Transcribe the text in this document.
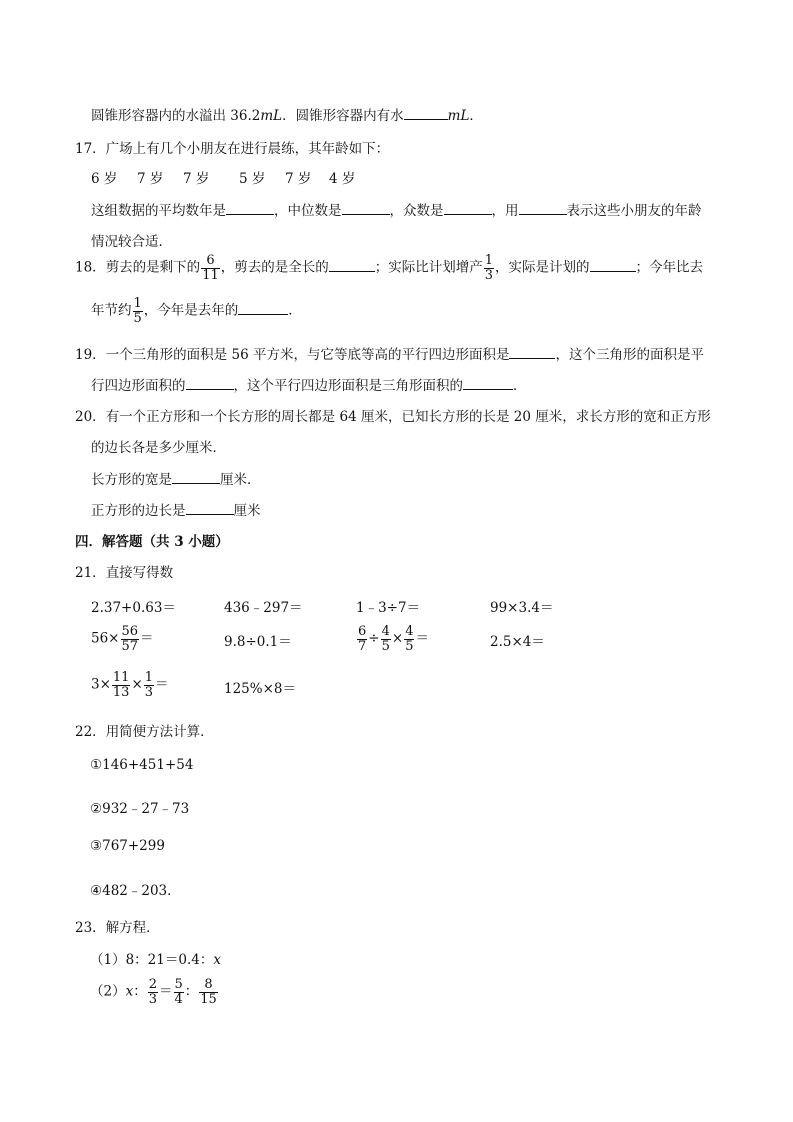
圆锥形容器内的水溢出 36.2mL．圆锥形容器内有水	mL．
17．广场上有几个小朋友在进行晨练，其年龄如下：
6 岁 7 岁 7 岁 5 岁 7 岁 4 岁
这组数据的平均数年是	，中位数是	，众数是	，用	表示这些小朋友的年龄
情况较合适．
18．剪去的是剩下的 $\frac{6}{11}$ ，剪去的是全长的	；实际比计划增产 $\frac{1}{3}$ ，实际是计划的	；今年比去
年节约 $\frac{1}{5}$ ，今年是去年的	．
19．一个三角形的面积是 56 平方米，与它等底等高的平行四边形面积是	，这个三角形的面积是平
行四边形面积的	，这个平行四边形面积是三角形面积的	．
20．有一个正方形和一个长方形的周长都是 64 厘米，已知长方形的长是 20 厘米，求长方形的宽和正方形
的边长各是多少厘米．
长方形的宽是	厘米．
正方形的边长是	厘米
四．解答题（共 3 小题）
21．直接写得数
2.37+0.63＝	436﹣297＝	1﹣3÷7＝	99×3.4＝
$56\times \frac{56}{57}$ ＝	9.8÷0.1＝	$\frac{6}{7} \div \frac{4}{5} \times \frac{4}{5}$ ＝	2.5×4＝
$3\times \frac{11}{13} \times \frac{1}{3}$ ＝	125%×8＝
22．用简便方法计算．
①146+451+54
②932﹣27﹣73
③767+299
④482﹣203．
23．解方程．
（1）8：21＝0.4：x
（2）x： $\frac{2}{3} = \frac{5}{4}$ ： $\frac{8}{15}$
